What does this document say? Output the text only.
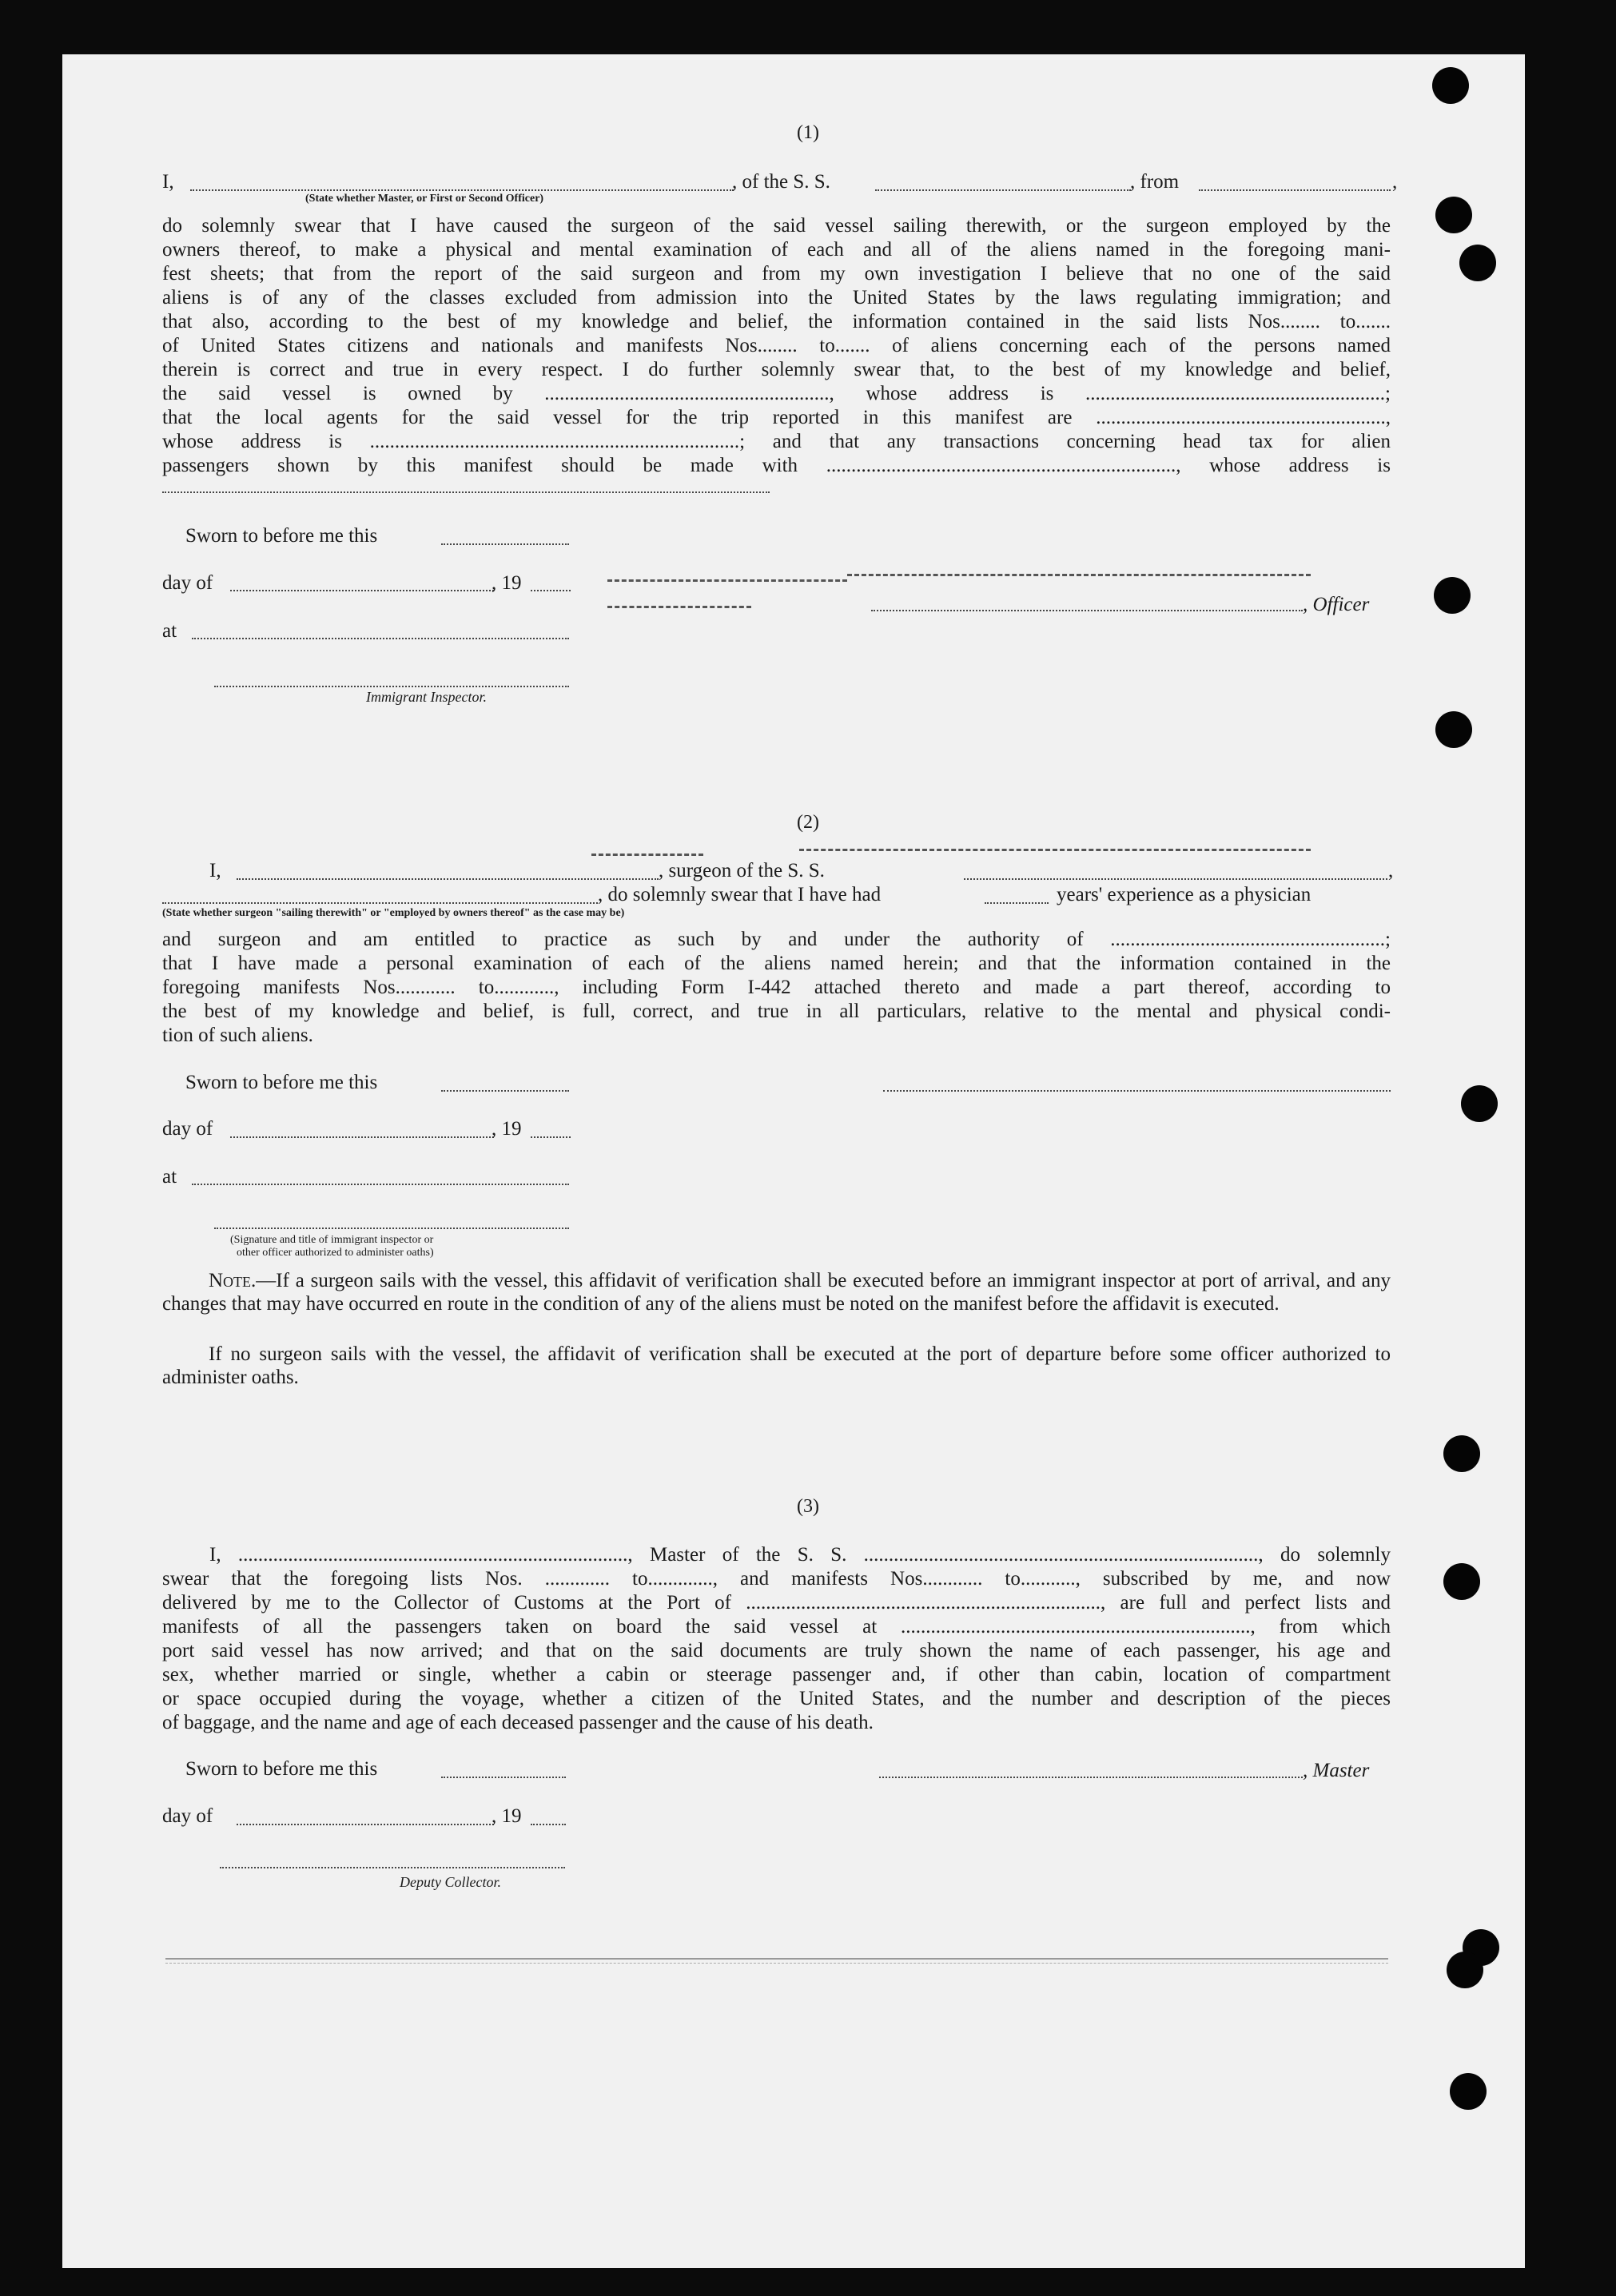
(1)
I,	, of the S. S.	, from	,
(State whether Master, or First or Second Officer)
do solemnly swear that I have caused the surgeon of the said vessel sailing therewith, or the surgeon employed by the
owners thereof, to make a physical and mental examination of each and all of the aliens named in the foregoing mani-
fest sheets; that from the report of the said surgeon and from my own investigation I believe that no one of the said
aliens is of any of the classes excluded from admission into the United States by the laws regulating immigration; and
that also, according to the best of my knowledge and belief, the information contained in the said lists Nos........ to.......
of United States citizens and nationals and manifests Nos........ to....... of aliens concerning each of the persons named
therein is correct and true in every respect. I do further solemnly swear that, to the best of my knowledge and belief,
the said vessel is owned by ........................................................., whose address is ............................................................;
that the local agents for the said vessel for the trip reported in this manifest are ..........................................................,
whose address is ..........................................................................; and that any transactions concerning head tax for alien
passengers shown by this manifest should be made with ......................................................................, whose address is
Sworn to before me this
day of	, 19
, Officer
at
Immigrant Inspector.
(2)
I,	, surgeon of the S. S.	,
, do solemnly swear that I have had	years' experience as a physician
(State whether surgeon "sailing therewith" or "employed by owners thereof" as the case may be)
and surgeon and am entitled to practice as such by and under the authority of .......................................................;
that I have made a personal examination of each of the aliens named herein; and that the information contained in the
foregoing manifests Nos............ to............, including Form I-442 attached thereto and made a part thereof, according to
the best of my knowledge and belief, is full, correct, and true in all particulars, relative to the mental and physical condi-
tion of such aliens.
Sworn to before me this
day of	, 19
at
(Signature and title of immigrant inspector or
other officer authorized to administer oaths)
Note.—If a surgeon sails with the vessel, this affidavit of verification shall be executed before an immigrant inspector at port of arrival, and any changes that may have occurred en route in the condition of any of the aliens must be noted on the manifest before the affidavit is executed.
If no surgeon sails with the vessel, the affidavit of verification shall be executed at the port of departure before some officer authorized to administer oaths.
(3)
I, .............................................................................., Master of the S. S. ..............................................................................., do solemnly
swear that the foregoing lists Nos. ............. to............., and manifests Nos............ to..........., subscribed by me, and now
delivered by me to the Collector of Customs at the Port of ......................................................................., are full and perfect lists and
manifests of all the passengers taken on board the said vessel at ......................................................................, from which
port said vessel has now arrived; and that on the said documents are truly shown the name of each passenger, his age and
sex, whether married or single, whether a cabin or steerage passenger and, if other than cabin, location of compartment
or space occupied during the voyage, whether a citizen of the United States, and the number and description of the pieces
of baggage, and the name and age of each deceased passenger and the cause of his death.
Sworn to before me this	, Master
day of	, 19
Deputy Collector.
